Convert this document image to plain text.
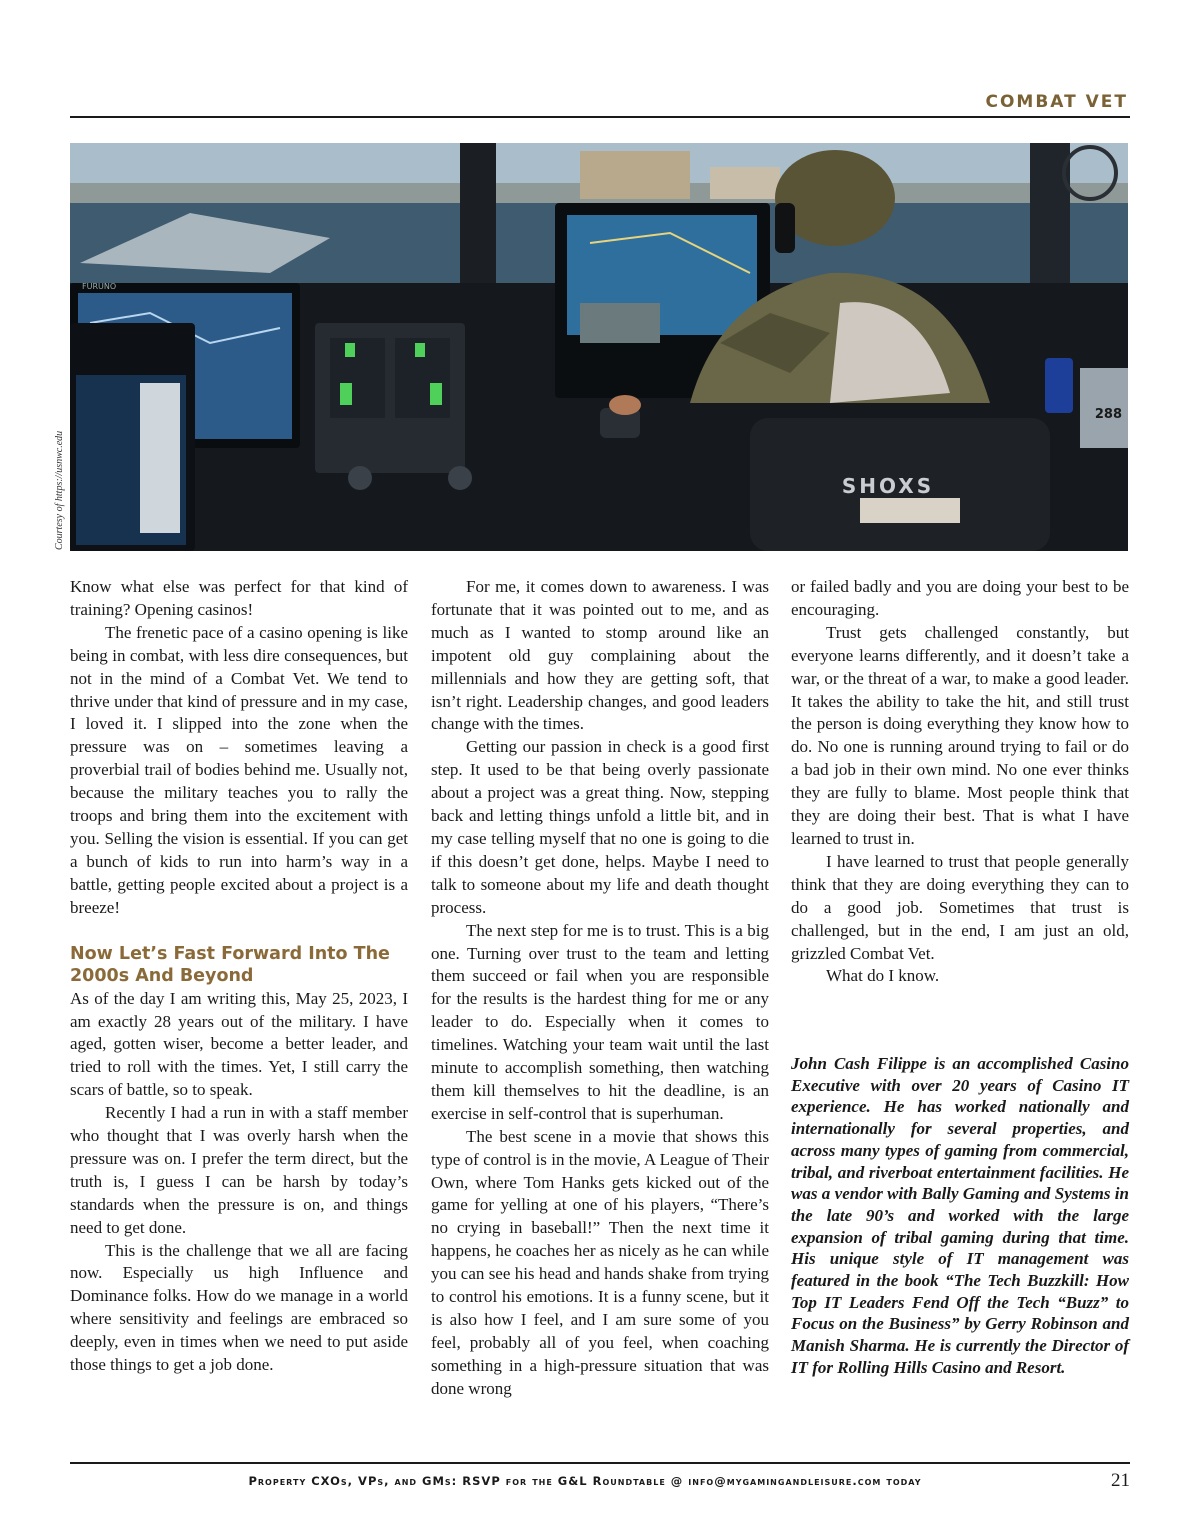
COMBAT VET
FURUNO
SHOXS
288
Courtesy of https://usnwc.edu

Know what else was perfect for that kind of training? Opening casinos!

The frenetic pace of a casino opening is like being in combat, with less dire consequences, but not in the mind of a Combat Vet. We tend to thrive under that kind of pressure and in my case, I loved it. I slipped into the zone when the pressure was on – sometimes leaving a proverbial trail of bodies behind me. Usually not, because the military teaches you to rally the troops and bring them into the excitement with you. Selling the vision is essential. If you can get a bunch of kids to run into harm’s way in a battle, getting people excited about a project is a breeze!

Now Let’s Fast Forward Into The 2000s And Beyond

As of the day I am writing this, May 25, 2023, I am exactly 28 years out of the military. I have aged, gotten wiser, become a better leader, and tried to roll with the times. Yet, I still carry the scars of battle, so to speak.

Recently I had a run in with a staff member who thought that I was overly harsh when the pressure was on. I prefer the term direct, but the truth is, I guess I can be harsh by today’s standards when the pressure is on, and things need to get done.

This is the challenge that we all are facing now. Especially us high Influence and Dominance folks. How do we manage in a world where sensitivity and feelings are embraced so deeply, even in times when we need to put aside those things to get a job done.

For me, it comes down to awareness. I was fortunate that it was pointed out to me, and as much as I wanted to stomp around like an impotent old guy complaining about the millennials and how they are getting soft, that isn’t right. Leadership changes, and good leaders change with the times.

Getting our passion in check is a good first step. It used to be that being overly passionate about a project was a great thing. Now, stepping back and letting things unfold a little bit, and in my case telling myself that no one is going to die if this doesn’t get done, helps. Maybe I need to talk to someone about my life and death thought process.

The next step for me is to trust. This is a big one. Turning over trust to the team and letting them succeed or fail when you are responsible for the results is the hardest thing for me or any leader to do. Especially when it comes to timelines. Watching your team wait until the last minute to accomplish something, then watching them kill themselves to hit the deadline, is an exercise in self-control that is superhuman.

The best scene in a movie that shows this type of control is in the movie, A League of Their Own, where Tom Hanks gets kicked out of the game for yelling at one of his players, “There’s no crying in baseball!” Then the next time it happens, he coaches her as nicely as he can while you can see his head and hands shake from trying to control his emotions. It is a funny scene, but it is also how I feel, and I am sure some of you feel, probably all of you feel, when coaching something in a high-pressure situation that was done wrong

or failed badly and you are doing your best to be encouraging.

Trust gets challenged constantly, but everyone learns differently, and it doesn’t take a war, or the threat of a war, to make a good leader. It takes the ability to take the hit, and still trust the person is doing everything they know how to do. No one is running around trying to fail or do a bad job in their own mind. No one ever thinks they are fully to blame. Most people think that they are doing their best. That is what I have learned to trust in.

I have learned to trust that people generally think that they are doing everything they can to do a good job. Sometimes that trust is challenged, but in the end, I am just an old, grizzled Combat Vet.

What do I know.

John Cash Filippe is an accomplished Casino Executive with over 20 years of Casino IT experience. He has worked nationally and internationally for several properties, and across many types of gaming from commercial, tribal, and riverboat entertainment facilities. He was a vendor with Bally Gaming and Systems in the late 90’s and worked with the large expansion of tribal gaming during that time. His unique style of IT management was featured in the book “The Tech Buzzkill: How Top IT Leaders Fend Off the Tech “Buzz” to Focus on the Business” by Gerry Robinson and Manish Sharma. He is currently the Director of IT for Rolling Hills Casino and Resort.
Property CXOs, VPs, and GMs: RSVP for the G&L Roundtable @ info@mygamingandleisure.com today	21
